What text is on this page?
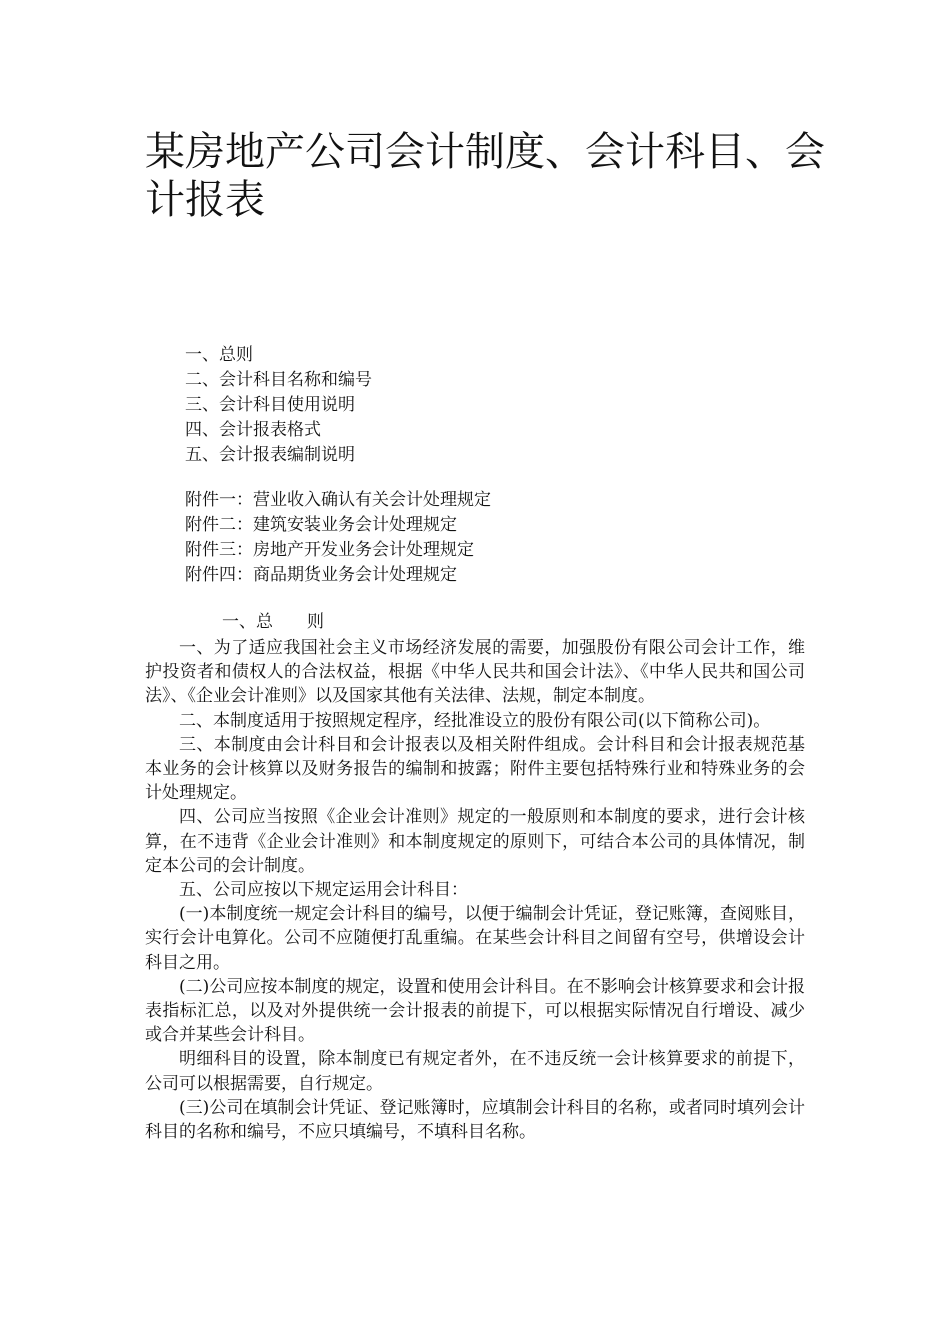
某房地产公司会计制度、会计科目、会计报表
一、总则
二、会计科目名称和编号
三、会计科目使用说明
四、会计报表格式
五、会计报表编制说明
附件一：营业收入确认有关会计处理规定
附件二：建筑安装业务会计处理规定
附件三：房地产开发业务会计处理规定
附件四：商品期货业务会计处理规定
一、总　　则

一、为了适应我国社会主义市场经济发展的需要，加强股份有限公司会计工作，维护投资者和债权人的合法权益，根据《中华人民共和国会计法》、《中华人民共和国公司法》、《企业会计准则》以及国家其他有关法律、法规，制定本制度。

二、本制度适用于按照规定程序，经批准设立的股份有限公司(以下简称公司)。

三、本制度由会计科目和会计报表以及相关附件组成。会计科目和会计报表规范基本业务的会计核算以及财务报告的编制和披露；附件主要包括特殊行业和特殊业务的会计处理规定。

四、公司应当按照《企业会计准则》规定的一般原则和本制度的要求，进行会计核算，在不违背《企业会计准则》和本制度规定的原则下，可结合本公司的具体情况，制定本公司的会计制度。

五、公司应按以下规定运用会计科目：

(一)本制度统一规定会计科目的编号，以便于编制会计凭证，登记账簿，查阅账目，实行会计电算化。公司不应随便打乱重编。在某些会计科目之间留有空号，供增设会计科目之用。

(二)公司应按本制度的规定，设置和使用会计科目。在不影响会计核算要求和会计报表指标汇总，以及对外提供统一会计报表的前提下，可以根据实际情况自行增设、减少或合并某些会计科目。

明细科目的设置，除本制度已有规定者外，在不违反统一会计核算要求的前提下，公司可以根据需要，自行规定。

(三)公司在填制会计凭证、登记账簿时，应填制会计科目的名称，或者同时填列会计科目的名称和编号，不应只填编号，不填科目名称。
